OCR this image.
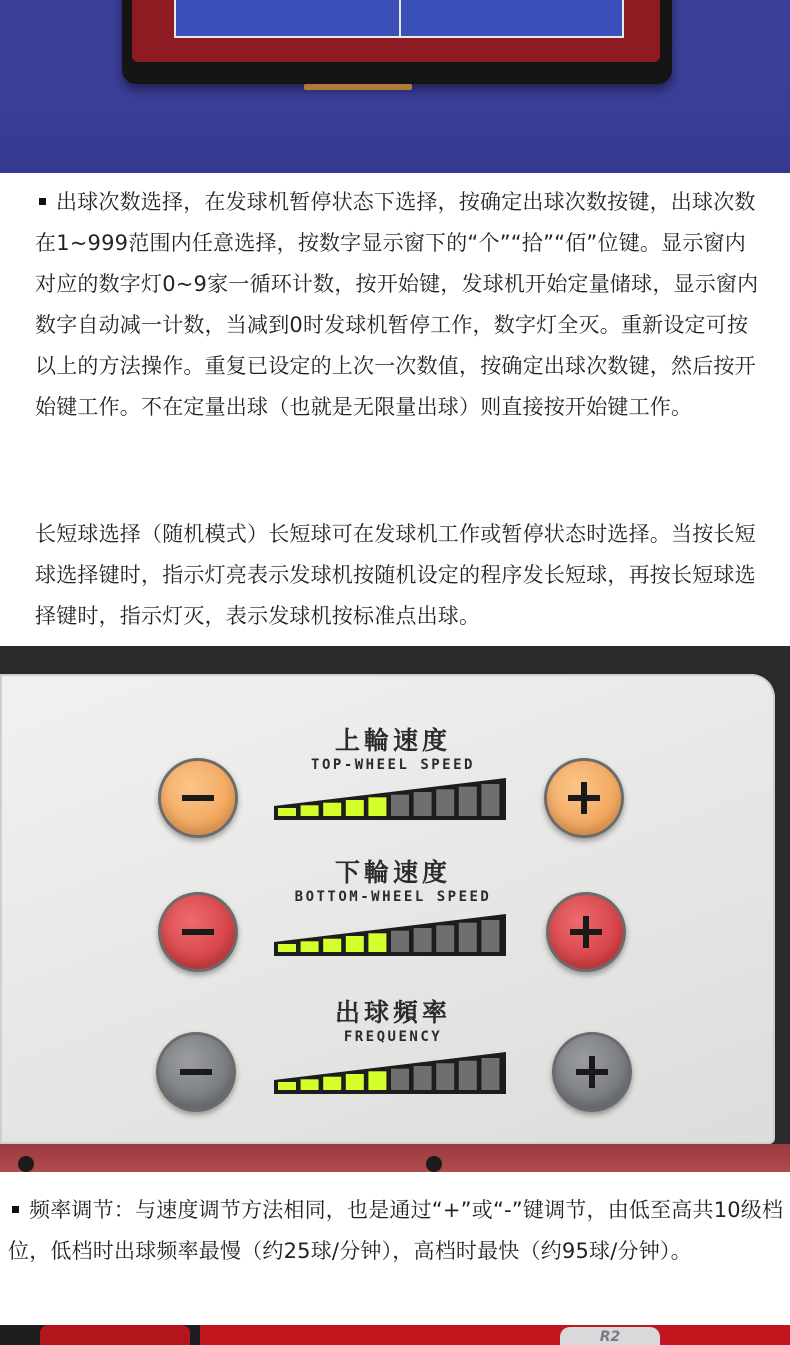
出球次数选择，在发球机暂停状态下选择，按确定出球次数按键，出球次数在1~999范围内任意选择，按数字显示窗下的“个”“拾”“佰”位键。显示窗内对应的数字灯0~9家一循环计数，按开始键，发球机开始定量储球，显示窗内数字自动减一计数，当减到0时发球机暂停工作，数字灯全灭。重新设定可按以上的方法操作。重复已设定的上次一次数值，按确定出球次数键，然后按开始键工作。不在定量出球（也就是无限量出球）则直接按开始键工作。

长短球选择（随机模式）长短球可在发球机工作或暂停状态时选择。当按长短球选择键时，指示灯亮表示发球机按随机设定的程序发长短球，再按长短球选择键时，指示灯灭，表示发球机按标准点出球。

上輪速度
TOP-WHEEL SPEED
下輪速度
BOTTOM-WHEEL SPEED
出球頻率
FREQUENCY

频率调节：与速度调节方法相同，也是通过“+”或“-”键调节，由低至高共10级档位，低档时出球频率最慢（约25球/分钟），高档时最快（约95球/分钟）。

R2
